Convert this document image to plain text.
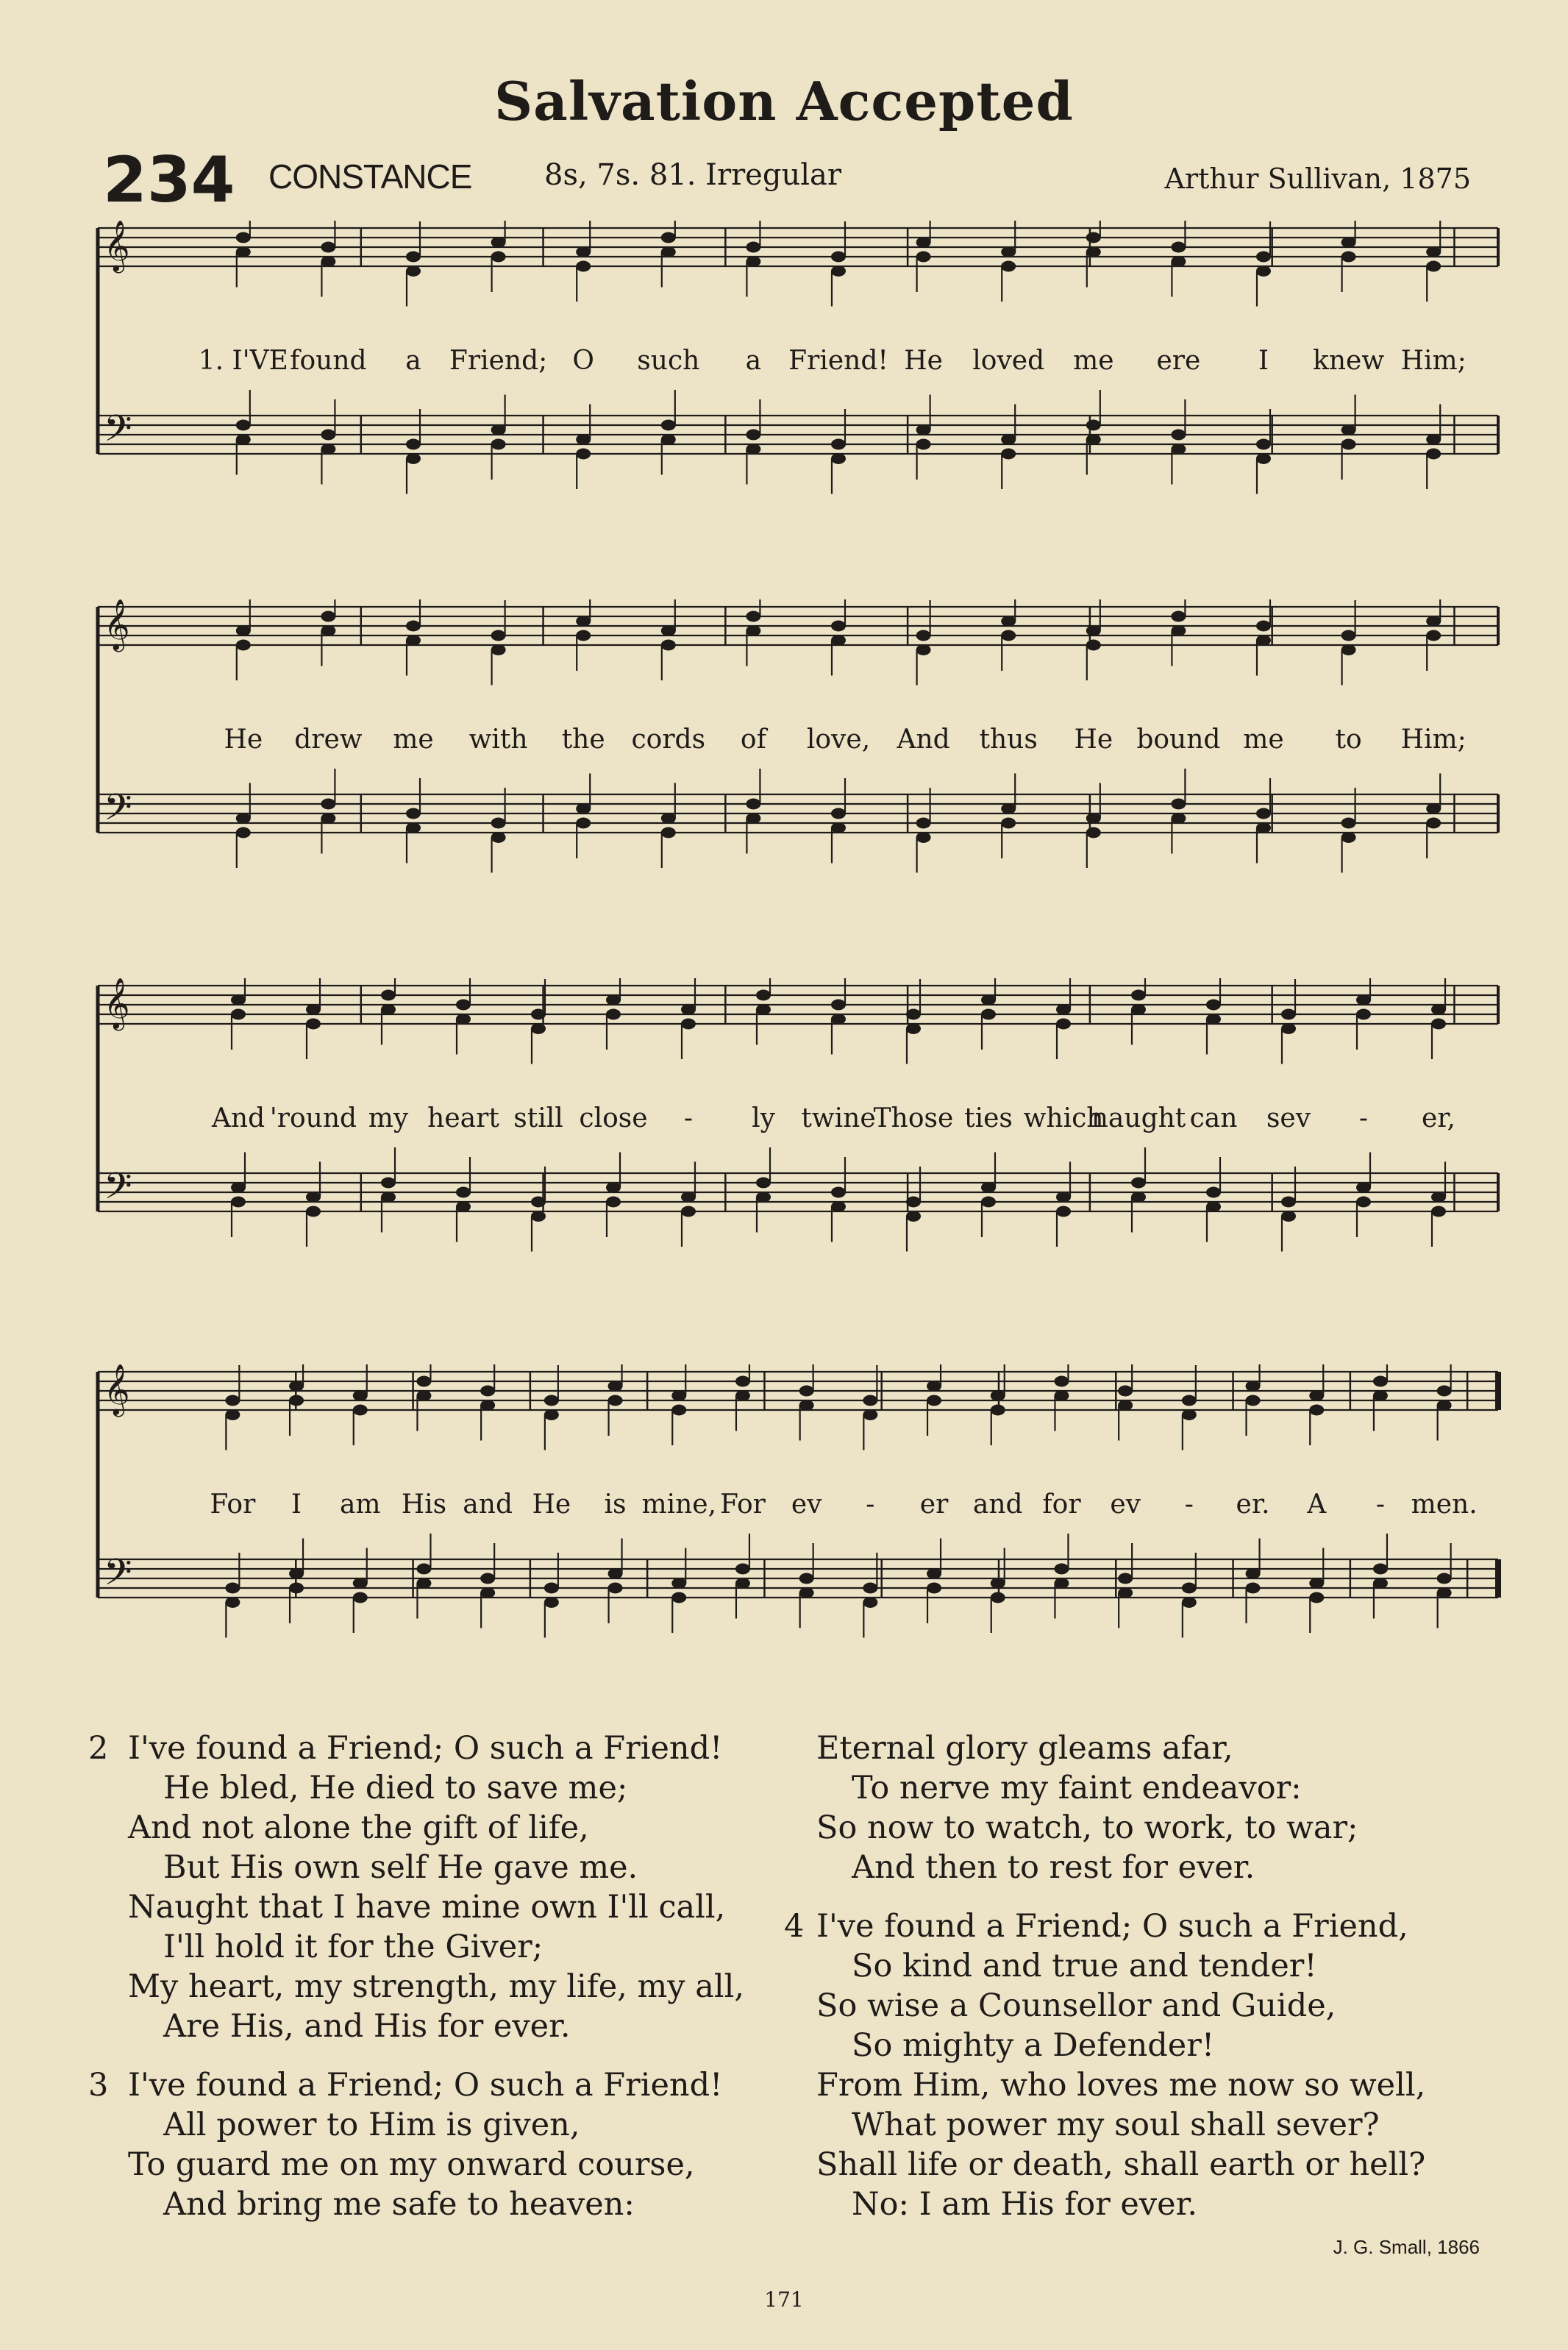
Salvation Accepted
234 CONSTANCE 8s, 7s. 81. Irregular	Arthur Sullivan, 1875
𝄞
𝄢
1. I'VE found a Friend; O such a Friend! He loved me ere I knew Him;
𝄞
𝄢
He drew me with the cords of love, And thus He bound me to Him;
𝄞
𝄢
And 'round my heart still close - ly twine
Those ties which
naught can sev - er,
𝄞
𝄢
For I am His and He is mine, For ev - er and for ev - er. A - men.
2 I've found a Friend; O such a Friend!
He bled, He died to save me;
And not alone the gift of life,
But His own self He gave me.
Naught that I have mine own I'll call,
I'll hold it for the Giver;
My heart, my strength, my life, my all,
Are His, and His for ever.
3 I've found a Friend; O such a Friend!
All power to Him is given,
To guard me on my onward course,
And bring me safe to heaven:
Eternal glory gleams afar,
To nerve my faint endeavor:
So now to watch, to work, to war;
And then to rest for ever.
4 I've found a Friend; O such a Friend,
So kind and true and tender!
So wise a Counsellor and Guide,
So mighty a Defender!
From Him, who loves me now so well,
What power my soul shall sever?
Shall life or death, shall earth or hell?
No: I am His for ever.
J. G. Small, 1866
171
